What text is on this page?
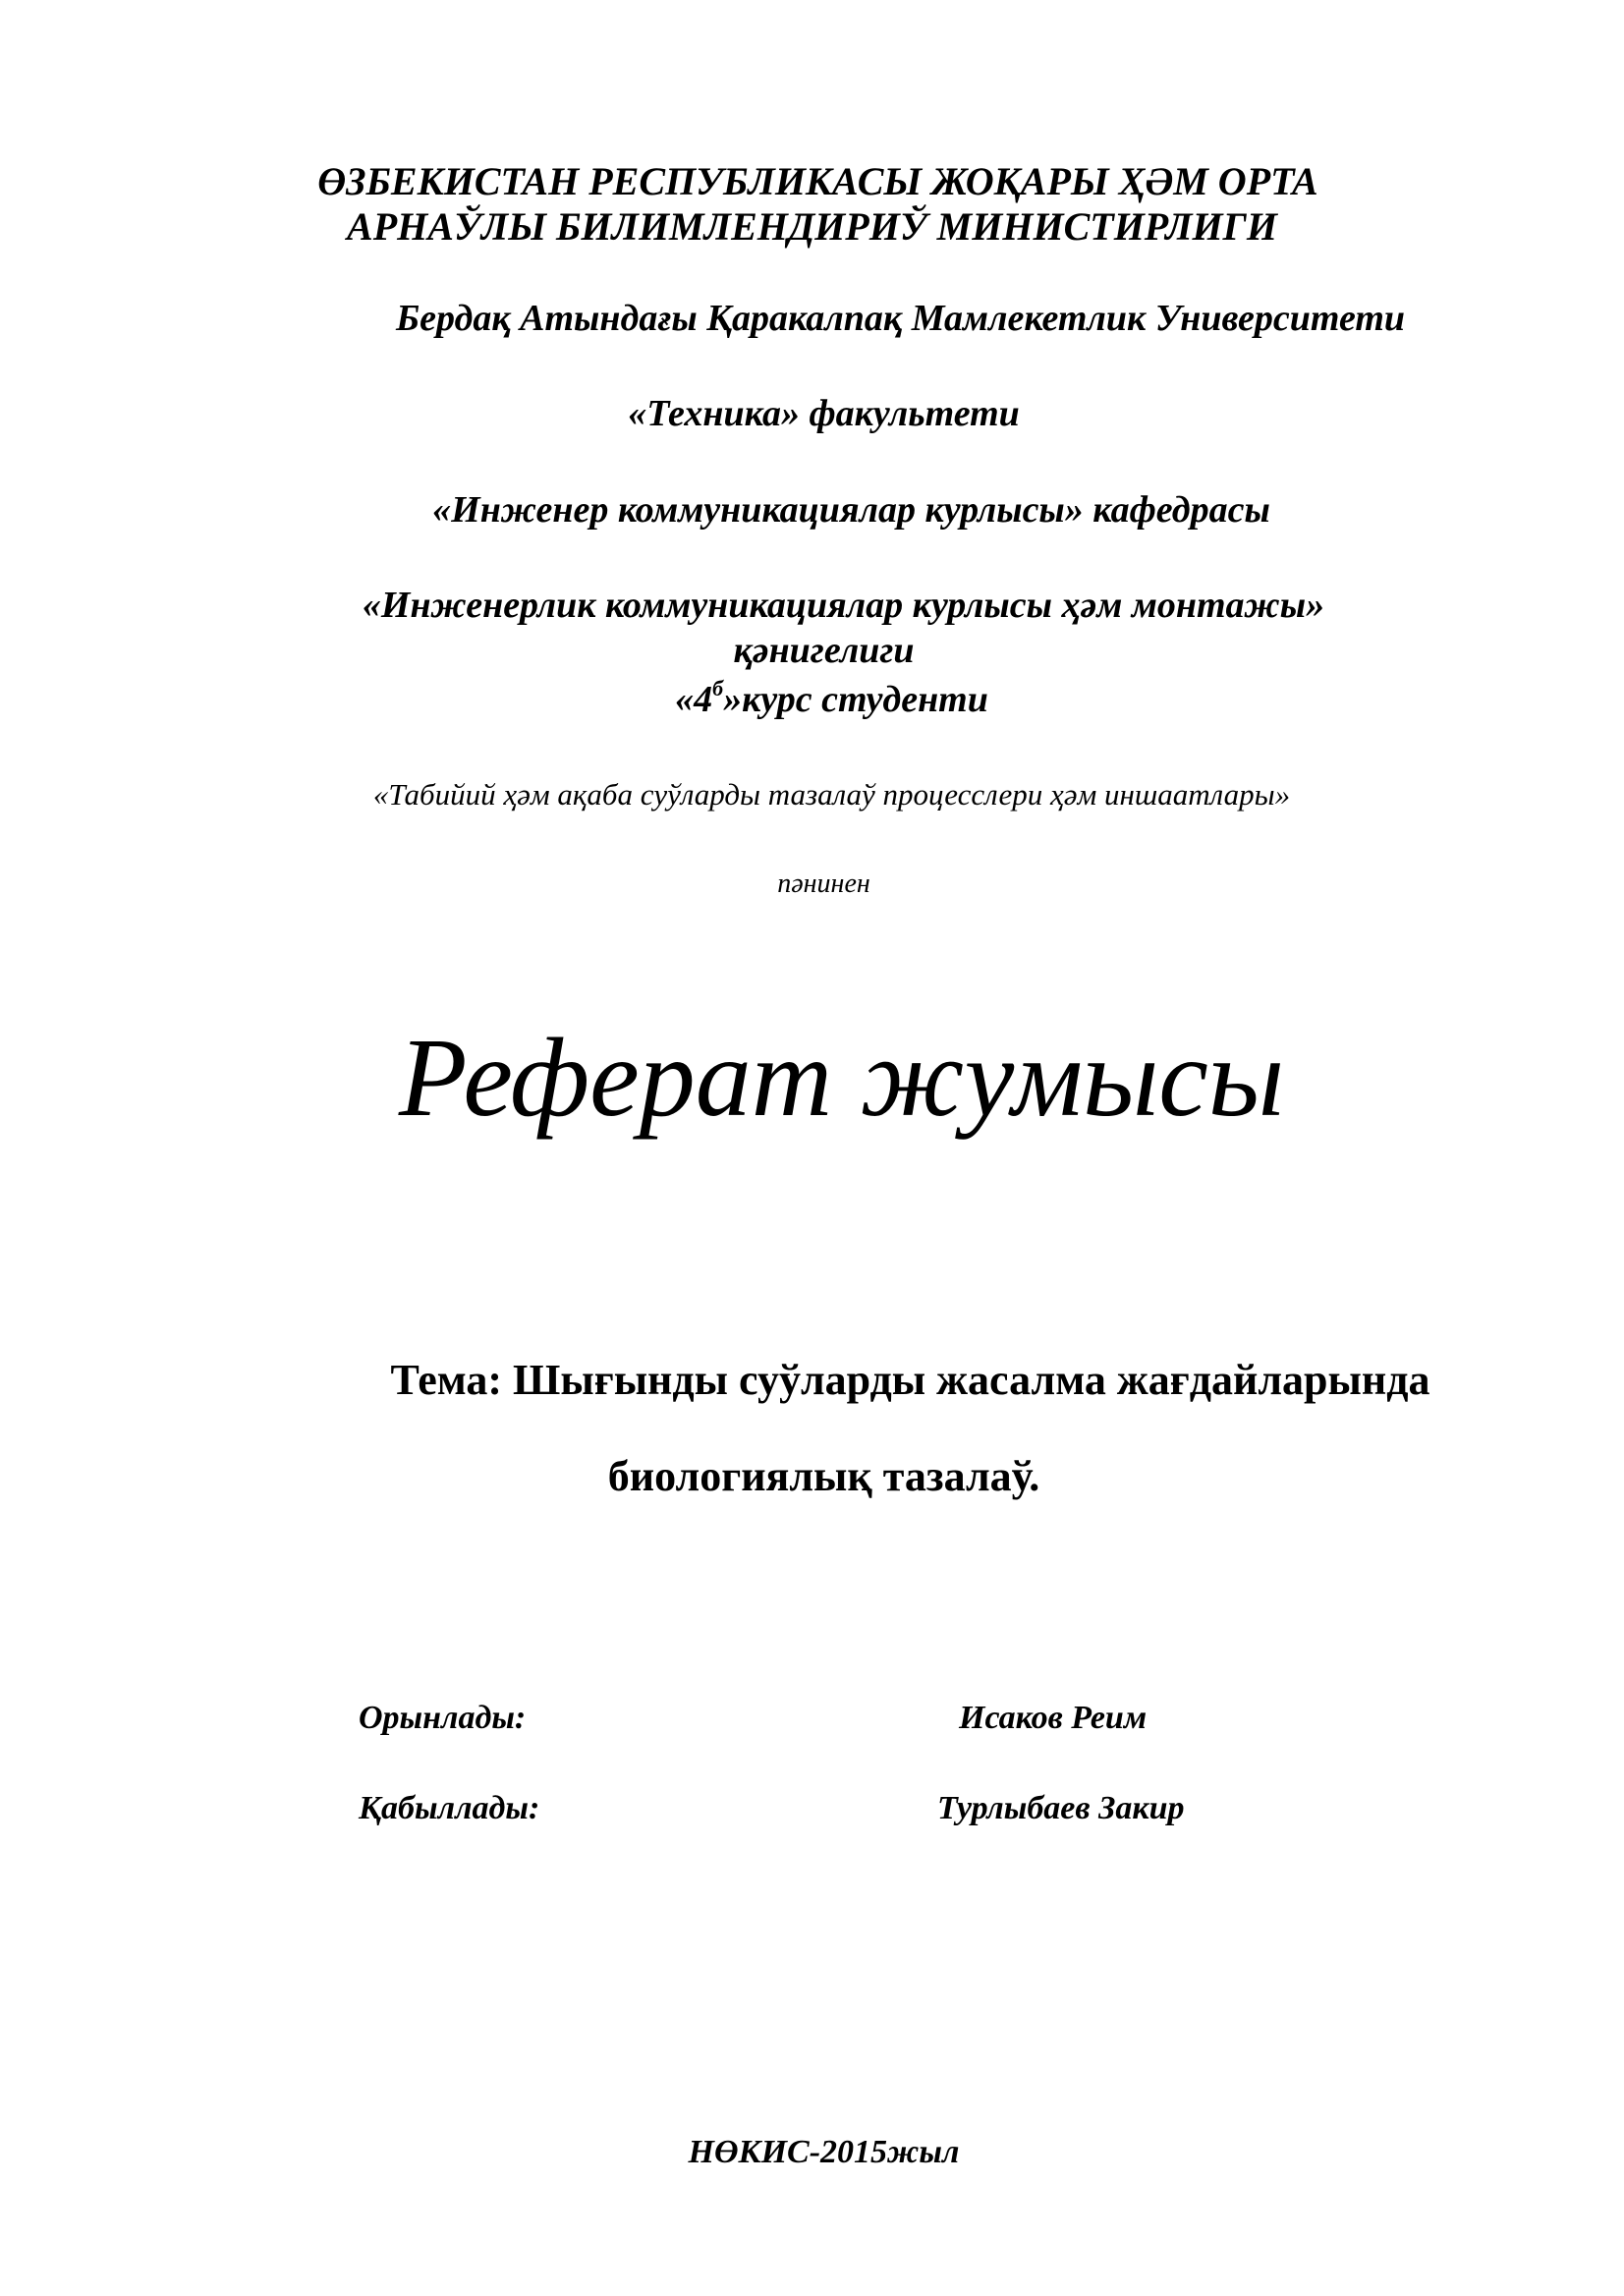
ӨЗБЕКИСТАН РЕСПУБЛИКАСЫ ЖОҚАРЫ ҲӘМ ОРТА
АРНАЎЛЫ БИЛИМЛЕНДИРИЎ МИНИСТИРЛИГИ
Бердақ Атындағы Қаракалпақ Мамлекетлик Университети
«Техника» факультети
«Инженер коммуникациялар курлысы» кафедрасы
«Инженерлик коммуникациялар курлысы ҳәм монтажы»
қәнигелиги
«$4^б»курс$ студенти
«Табийий ҳәм ақаба суўларды тазалаў процесслери ҳәм иншаатлары»
пәнинен
Реферат жумысы
Тема: Шығынды суўларды жасалма жағдайларында
биологиялық тазалаў.
Орынлады:	Исаков Реим
Қабыллады:	Турлыбаев Закир
НӨКИС-2015жыл
